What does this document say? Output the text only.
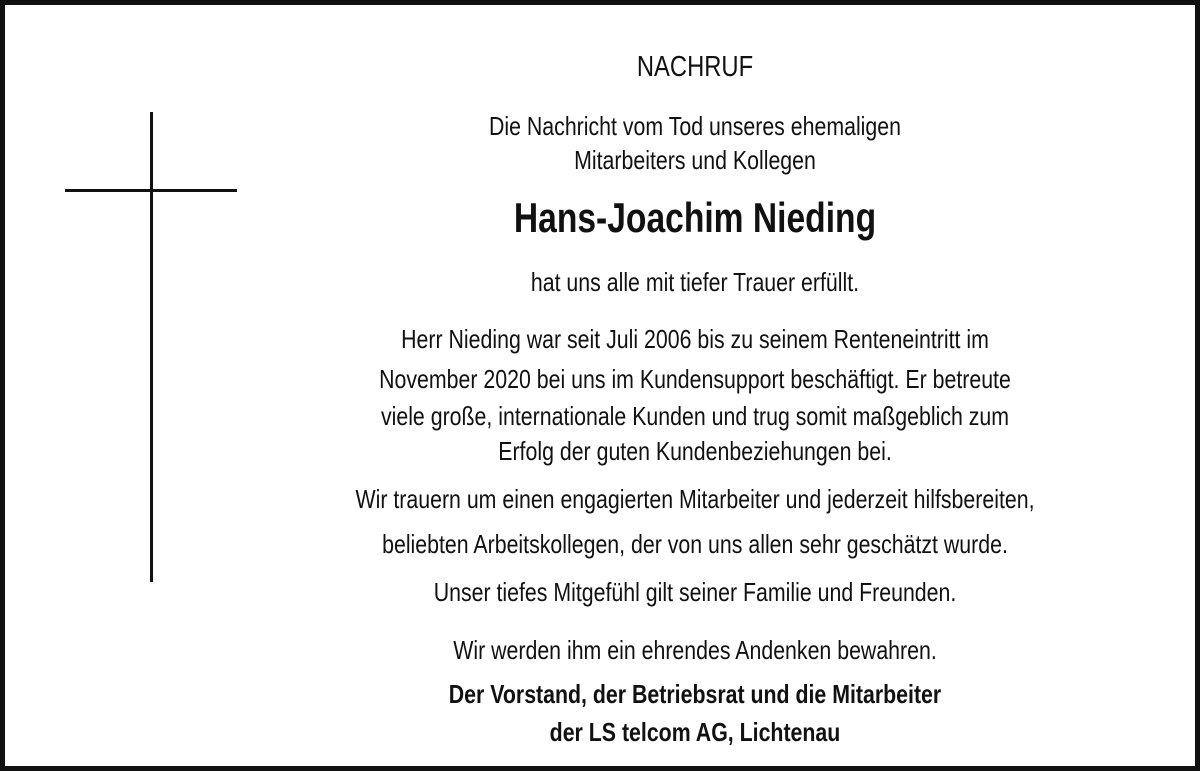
NACHRUF
Die Nachricht vom Tod unseres ehemaligen
Mitarbeiters und Kollegen
Hans-Joachim Nieding
hat uns alle mit tiefer Trauer erfüllt.
Herr Nieding war seit Juli 2006 bis zu seinem Renteneintritt im
November 2020 bei uns im Kundensupport beschäftigt. Er betreute
viele große, internationale Kunden und trug somit maßgeblich zum
Erfolg der guten Kundenbeziehungen bei.
Wir trauern um einen engagierten Mitarbeiter und jederzeit hilfsbereiten,
beliebten Arbeitskollegen, der von uns allen sehr geschätzt wurde.
Unser tiefes Mitgefühl gilt seiner Familie und Freunden.
Wir werden ihm ein ehrendes Andenken bewahren.
Der Vorstand, der Betriebsrat und die Mitarbeiter
der LS telcom AG, Lichtenau
